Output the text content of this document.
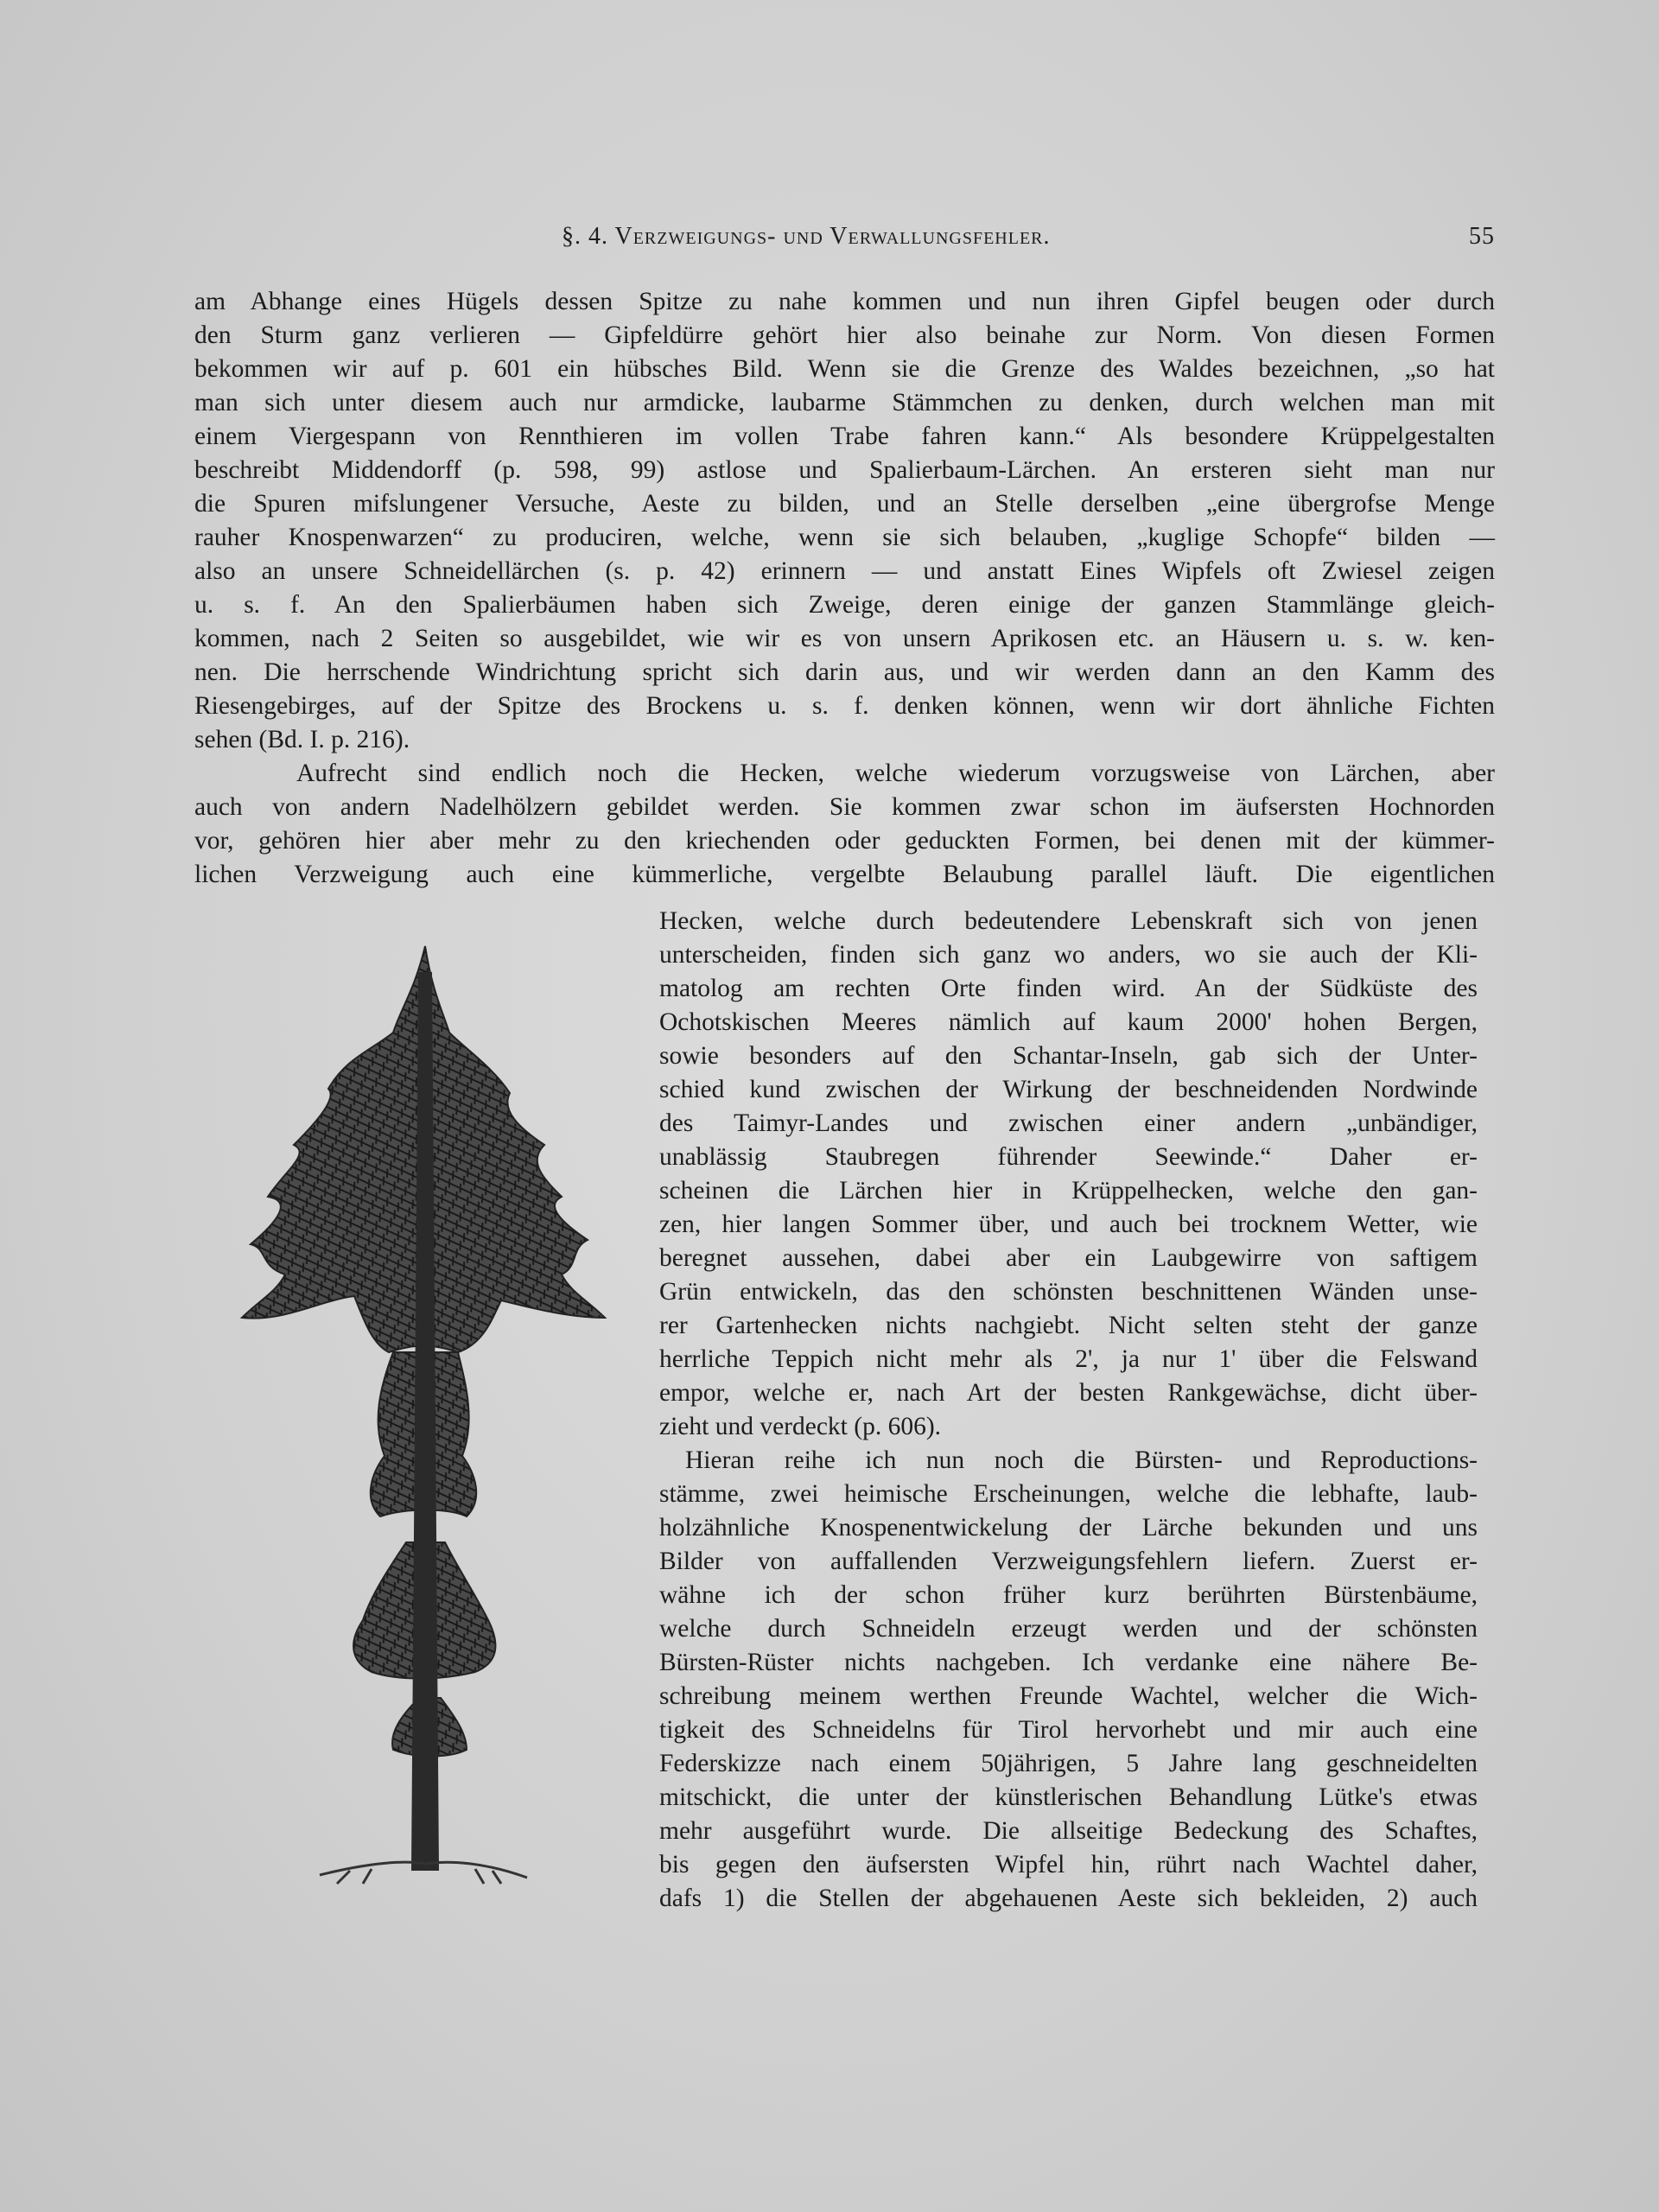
§. 4. Verzweigungs- und Verwallungsfehler.	55
am Abhange eines Hügels dessen Spitze zu nahe kommen und nun ihren Gipfel beugen oder durch
den Sturm ganz verlieren — Gipfeldürre gehört hier also beinahe zur Norm. Von diesen Formen
bekommen wir auf p. 601 ein hübsches Bild. Wenn sie die Grenze des Waldes bezeichnen, „so hat
man sich unter diesem auch nur armdicke, laubarme Stämmchen zu denken, durch welchen man mit
einem Viergespann von Rennthieren im vollen Trabe fahren kann.“ Als besondere Krüppelgestalten
beschreibt Middendorff (p. 598, 99) astlose und Spalierbaum-Lärchen. An ersteren sieht man nur
die Spuren mifslungener Versuche, Aeste zu bilden, und an Stelle derselben „eine übergrofse Menge
rauher Knospenwarzen“ zu produciren, welche, wenn sie sich belauben, „kuglige Schopfe“ bilden —
also an unsere Schneidellärchen (s. p. 42) erinnern — und anstatt Eines Wipfels oft Zwiesel zeigen
u. s. f. An den Spalierbäumen haben sich Zweige, deren einige der ganzen Stammlänge gleich-
kommen, nach 2 Seiten so ausgebildet, wie wir es von unsern Aprikosen etc. an Häusern u. s. w. ken-
nen. Die herrschende Windrichtung spricht sich darin aus, und wir werden dann an den Kamm des
Riesengebirges, auf der Spitze des Brockens u. s. f. denken können, wenn wir dort ähnliche Fichten
sehen (Bd. I. p. 216).
Aufrecht sind endlich noch die Hecken, welche wiederum vorzugsweise von Lärchen, aber
auch von andern Nadelhölzern gebildet werden. Sie kommen zwar schon im äufsersten Hochnorden
vor, gehören hier aber mehr zu den kriechenden oder geduckten Formen, bei denen mit der kümmer-
lichen Verzweigung auch eine kümmerliche, vergelbte Belaubung parallel läuft. Die eigentlichen
Hecken, welche durch bedeutendere Lebenskraft sich von jenen
unterscheiden, finden sich ganz wo anders, wo sie auch der Kli-
matolog am rechten Orte finden wird. An der Südküste des
Ochotskischen Meeres nämlich auf kaum 2000' hohen Bergen,
sowie besonders auf den Schantar-Inseln, gab sich der Unter-
schied kund zwischen der Wirkung der beschneidenden Nordwinde
des Taimyr-Landes und zwischen einer andern „unbändiger,
unablässig Staubregen führender Seewinde.“ Daher er-
scheinen die Lärchen hier in Krüppelhecken, welche den gan-
zen, hier langen Sommer über, und auch bei trocknem Wetter, wie
beregnet aussehen, dabei aber ein Laubgewirre von saftigem
Grün entwickeln, das den schönsten beschnittenen Wänden unse-
rer Gartenhecken nichts nachgiebt. Nicht selten steht der ganze
herrliche Teppich nicht mehr als 2', ja nur 1' über die Felswand
empor, welche er, nach Art der besten Rankgewächse, dicht über-
zieht und verdeckt (p. 606).
Hieran reihe ich nun noch die Bürsten- und Reproductions-
stämme, zwei heimische Erscheinungen, welche die lebhafte, laub-
holzähnliche Knospenentwickelung der Lärche bekunden und uns
Bilder von auffallenden Verzweigungsfehlern liefern. Zuerst er-
wähne ich der schon früher kurz berührten Bürstenbäume,
welche durch Schneideln erzeugt werden und der schönsten
Bürsten-Rüster nichts nachgeben. Ich verdanke eine nähere Be-
schreibung meinem werthen Freunde Wachtel, welcher die Wich-
tigkeit des Schneidelns für Tirol hervorhebt und mir auch eine
Federskizze nach einem 50jährigen, 5 Jahre lang geschneidelten
mitschickt, die unter der künstlerischen Behandlung Lütke's etwas
mehr ausgeführt wurde. Die allseitige Bedeckung des Schaftes,
bis gegen den äufsersten Wipfel hin, rührt nach Wachtel daher,
dafs 1) die Stellen der abgehauenen Aeste sich bekleiden, 2) auch
